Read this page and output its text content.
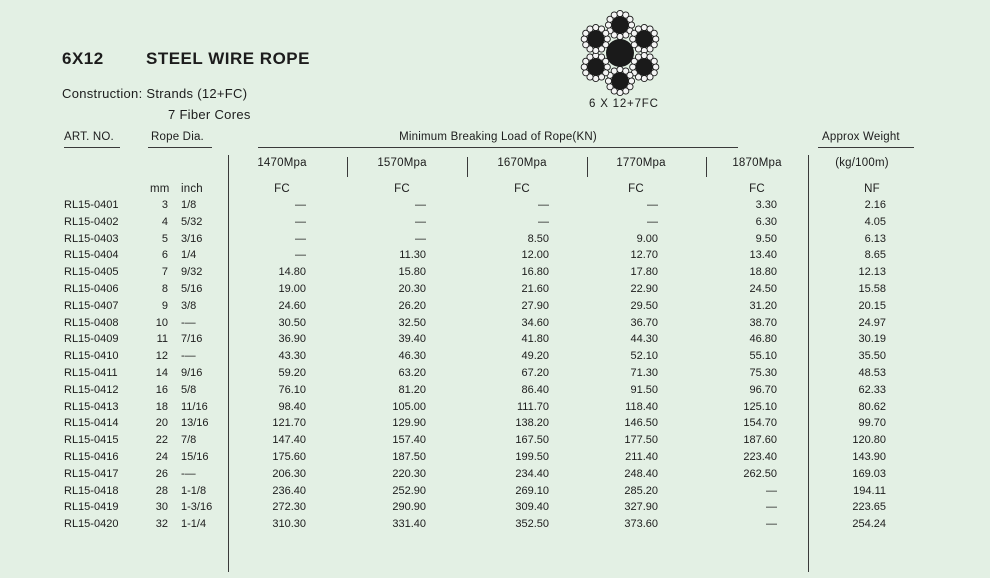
6X12 STEEL WIRE ROPE
Construction: Strands (12+FC)
7 Fiber Cores
6 X 12+7FC
ART. NO.	Rope Dia.	Minimum Breaking Load of Rope(KN)	Approx Weight
1470Mpa	1570Mpa	1670Mpa	1770Mpa	1870Mpa	(kg/100m)
mm inch	FC	FC	FC	FC	FC	NF
RL15-0401	3 1/8	—	—	—	—	3.30	2.16
RL15-0402	4 5/32	—	—	—	—	6.30	4.05
RL15-0403	5 3/16	—	—	8.50	9.00	9.50	6.13
RL15-0404	6 1/4	—	11.30	12.00	12.70	13.40	8.65
RL15-0405	7 9/32	14.80	15.80	16.80	17.80	18.80	12.13
RL15-0406	8 5/16	19.00	20.30	21.60	22.90	24.50	15.58
RL15-0407	9 3/8	24.60	26.20	27.90	29.50	31.20	20.15
RL15-0408	10 -—	30.50	32.50	34.60	36.70	38.70	24.97
RL15-0409	11 7/16	36.90	39.40	41.80	44.30	46.80	30.19
RL15-0410	12 -—	43.30	46.30	49.20	52.10	55.10	35.50
RL15-0411	14 9/16	59.20	63.20	67.20	71.30	75.30	48.53
RL15-0412	16 5/8	76.10	81.20	86.40	91.50	96.70	62.33
RL15-0413	18 11/16	98.40	105.00	111.70	118.40	125.10	80.62
RL15-0414	20 13/16	121.70	129.90	138.20	146.50	154.70	99.70
RL15-0415	22 7/8	147.40	157.40	167.50	177.50	187.60	120.80
RL15-0416	24 15/16	175.60	187.50	199.50	211.40	223.40	143.90
RL15-0417	26 -—	206.30	220.30	234.40	248.40	262.50	169.03
RL15-0418	28 1-1/8	236.40	252.90	269.10	285.20	—	194.11
RL15-0419	30 1-3/16	272.30	290.90	309.40	327.90	—	223.65
RL15-0420	32 1-1/4	310.30	331.40	352.50	373.60	—	254.24
